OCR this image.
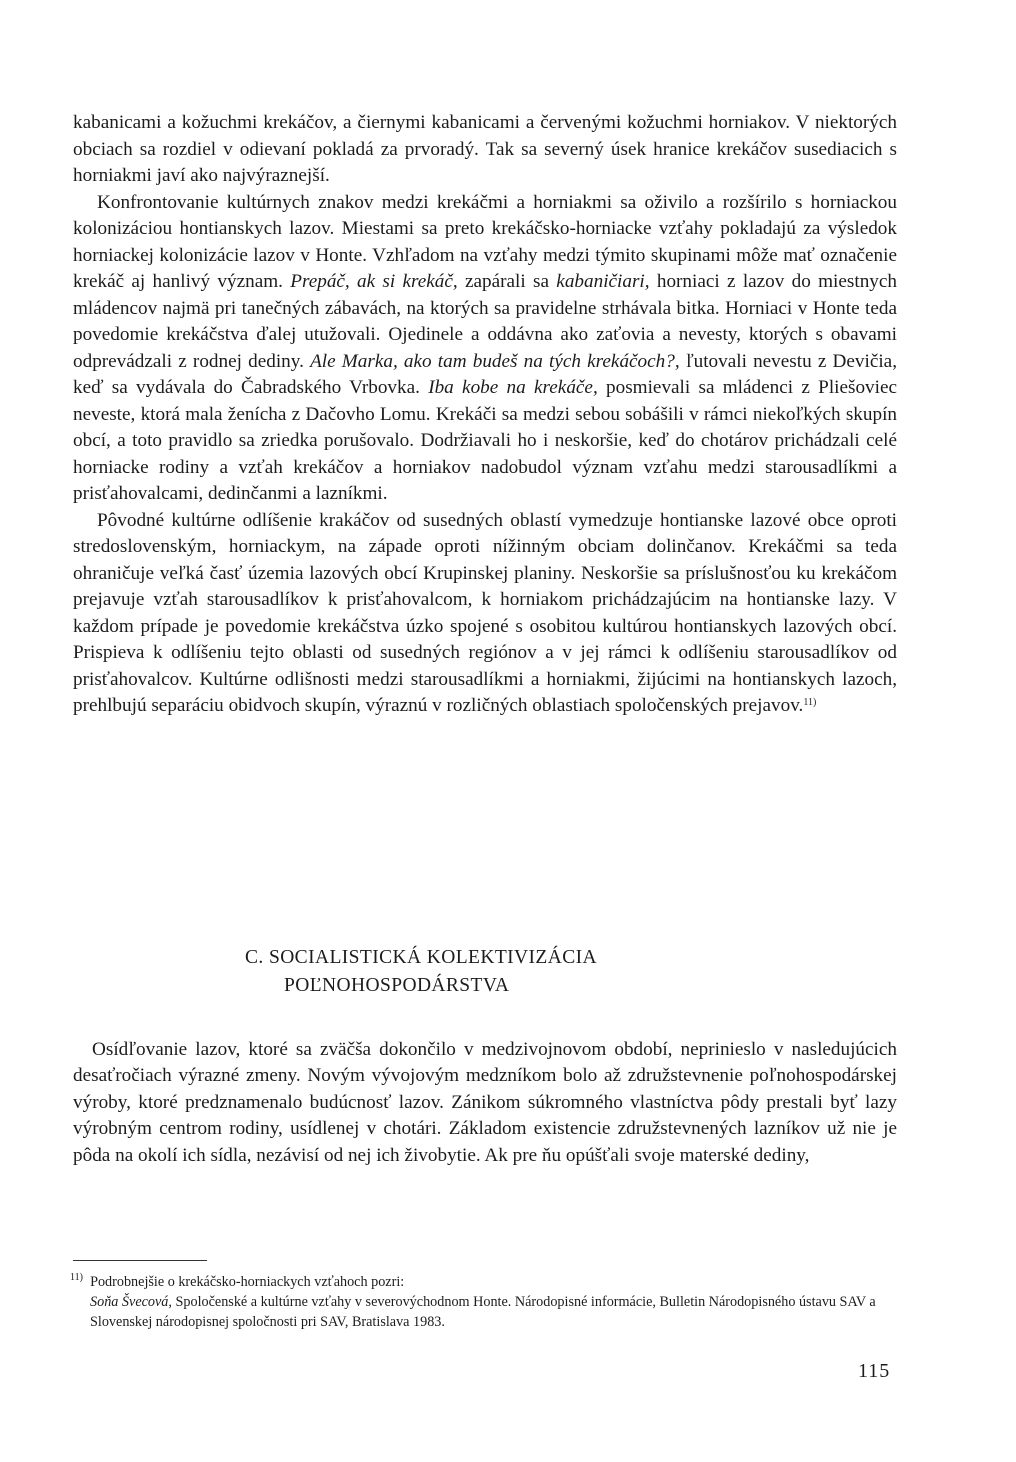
kabanicami a kožuchmi krekáčov, a čiernymi kabanicami a červenými kožuchmi horniakov. V niektorých obciach sa rozdiel v odievaní pokladá za prvoradý. Tak sa severný úsek hranice krekáčov susediacich s horniakmi javí ako najvýraznejší.

Konfrontovanie kultúrnych znakov medzi krekáčmi a horniakmi sa oživilo a rozšírilo s horniackou kolonizáciou hontianskych lazov. Miestami sa preto krekáčsko-horniacke vzťahy pokladajú za výsledok horniackej kolonizácie lazov v Honte. Vzhľadom na vzťahy medzi týmito skupinami môže mať označenie krekáč aj hanlivý význam. Prepáč, ak si krekáč, zapárali sa kabaničiari, horniaci z lazov do miestnych mládencov najmä pri tanečných zábavách, na ktorých sa pravidelne strhávala bitka. Horniaci v Honte teda povedomie krekáčstva ďalej utužovali. Ojedinele a oddávna ako zaťovia a nevesty, ktorých s obavami odprevádzali z rodnej dediny. Ale Marka, ako tam budeš na tých krekáčoch?, ľutovali nevestu z Devičia, keď sa vydávala do Čabradského Vrbovka. Iba kobe na krekáče, posmievali sa mládenci z Pliešoviec neveste, ktorá mala ženícha z Dačovho Lomu. Krekáči sa medzi sebou sobášili v rámci niekoľkých skupín obcí, a toto pravidlo sa zriedka porušovalo. Dodržiavali ho i neskoršie, keď do chotárov prichádzali celé horniacke rodiny a vzťah krekáčov a horniakov nadobudol význam vzťahu medzi starousadlíkmi a prisťahovalcami, dedinčanmi a lazníkmi.

Pôvodné kultúrne odlíšenie krakáčov od susedných oblastí vymedzuje hontianske lazové obce oproti stredoslovenským, horniackym, na západe oproti nížinným obciam dolinčanov. Krekáčmi sa teda ohraničuje veľká časť územia lazových obcí Krupinskej planiny. Neskoršie sa príslušnosťou ku krekáčom prejavuje vzťah starousadlíkov k prisťahovalcom, k horniakom prichádzajúcim na hontianske lazy. V každom prípade je povedomie krekáčstva úzko spojené s osobitou kultúrou hontianskych lazových obcí. Prispieva k odlíšeniu tejto oblasti od susedných regiónov a v jej rámci k odlíšeniu starousadlíkov od prisťahovalcov. Kultúrne odlišnosti medzi starousadlíkmi a horniakmi, žijúcimi na hontianskych lazoch, prehlbujú separáciu obidvoch skupín, výraznú v rozličných oblastiach spoločenských prejavov.$^{11)}$

C. SOCIALISTICKÁ KOLEKTIVIZÁCIA
POĽNOHOSPODÁRSTVA

Osídľovanie lazov, ktoré sa zväčša dokončilo v medzivojnovom období, neprinieslo v nasledujúcich desaťročiach výrazné zmeny. Novým vývojovým medzníkom bolo až združstevnenie poľnohospodárskej výroby, ktoré predznamenalo budúcnosť lazov. Zánikom súkromného vlastníctva pôdy prestali byť lazy výrobným centrom rodiny, usídlenej v chotári. Základom existencie združstevnených lazníkov už nie je pôda na okolí ich sídla, nezávisí od nej ich živobytie. Ak pre ňu opúšťali svoje materské dediny,

$^{11)}$ Podrobnejšie o krekáčsko-horniackych vzťahoch pozri:

Soňa Švecová, Spoločenské a kultúrne vzťahy v severovýchodnom Honte. Národopisné informácie, Bulletin Národopisného ústavu SAV a Slovenskej národopisnej spoločnosti pri SAV, Bratislava 1983.

115
